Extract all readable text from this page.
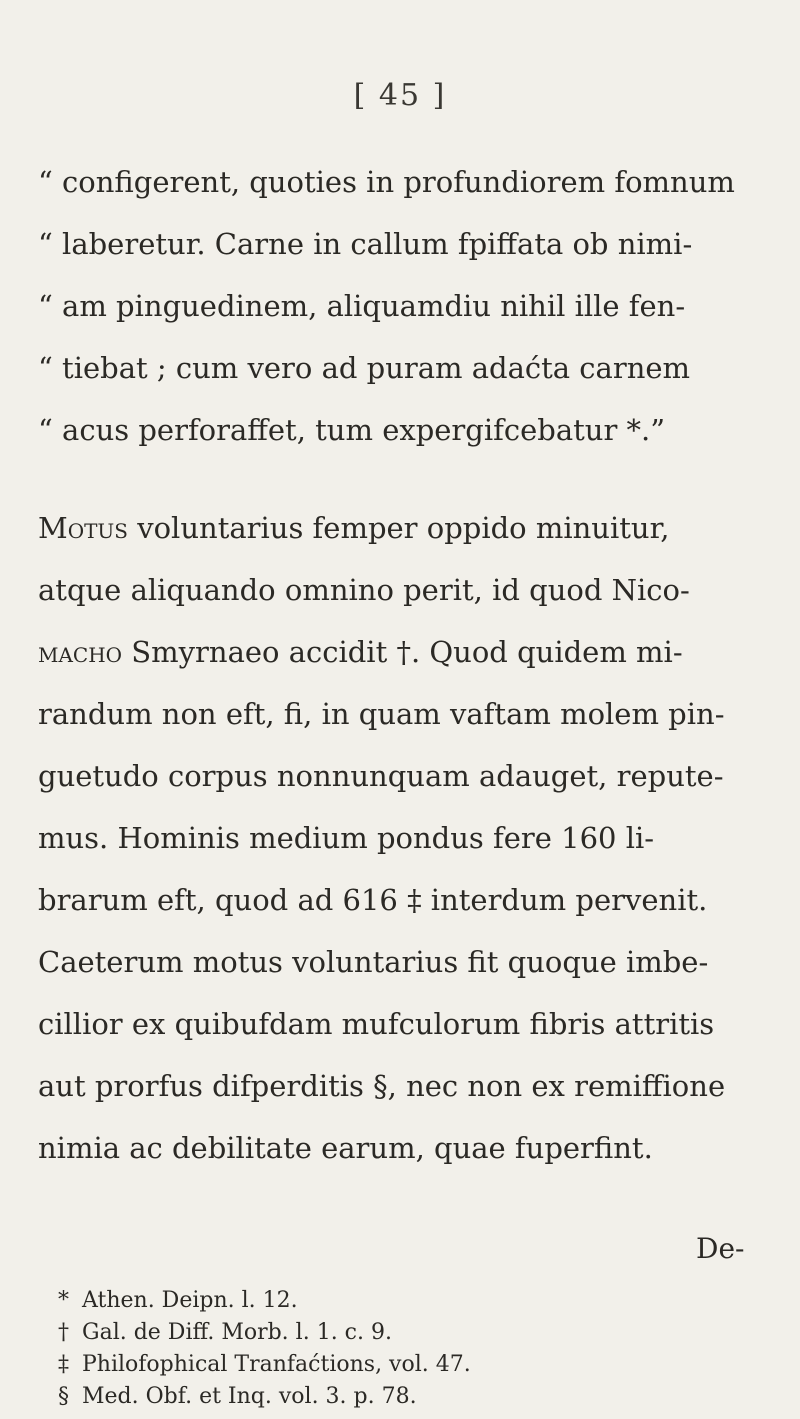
[ 45 ]
“ configerent, quoties in profundiorem fomnum
“ laberetur. Carne in callum fpiffata ob nimi-
“ am pinguedinem, aliquamdiu nihil ille fen-
“ tiebat ; cum vero ad puram adaćta carnem
“ acus perforaffet, tum expergifcebatur *.”
Motus voluntarius femper oppido minuitur,
atque aliquando omnino perit, id quod Nico-
macho Smyrnaeo accidit †. Quod quidem mi-
randum non eft, fi, in quam vaftam molem pin-
guetudo corpus nonnunquam adauget, repute-
mus. Hominis medium pondus fere 160 li-
brarum eft, quod ad 616 ‡ interdum pervenit.
Caeterum motus voluntarius fit quoque imbe-
cillior ex quibufdam mufculorum fibris attritis
aut prorfus difperditis §, nec non ex remiffione
nimia ac debilitate earum, quae fuperfint.
De-
* Athen. Deipn. l. 12.
† Gal. de Diff. Morb. l. 1. c. 9.
‡ Philofophical Tranfaćtions, vol. 47.
§ Med. Obf. et Inq. vol. 3. p. 78.
